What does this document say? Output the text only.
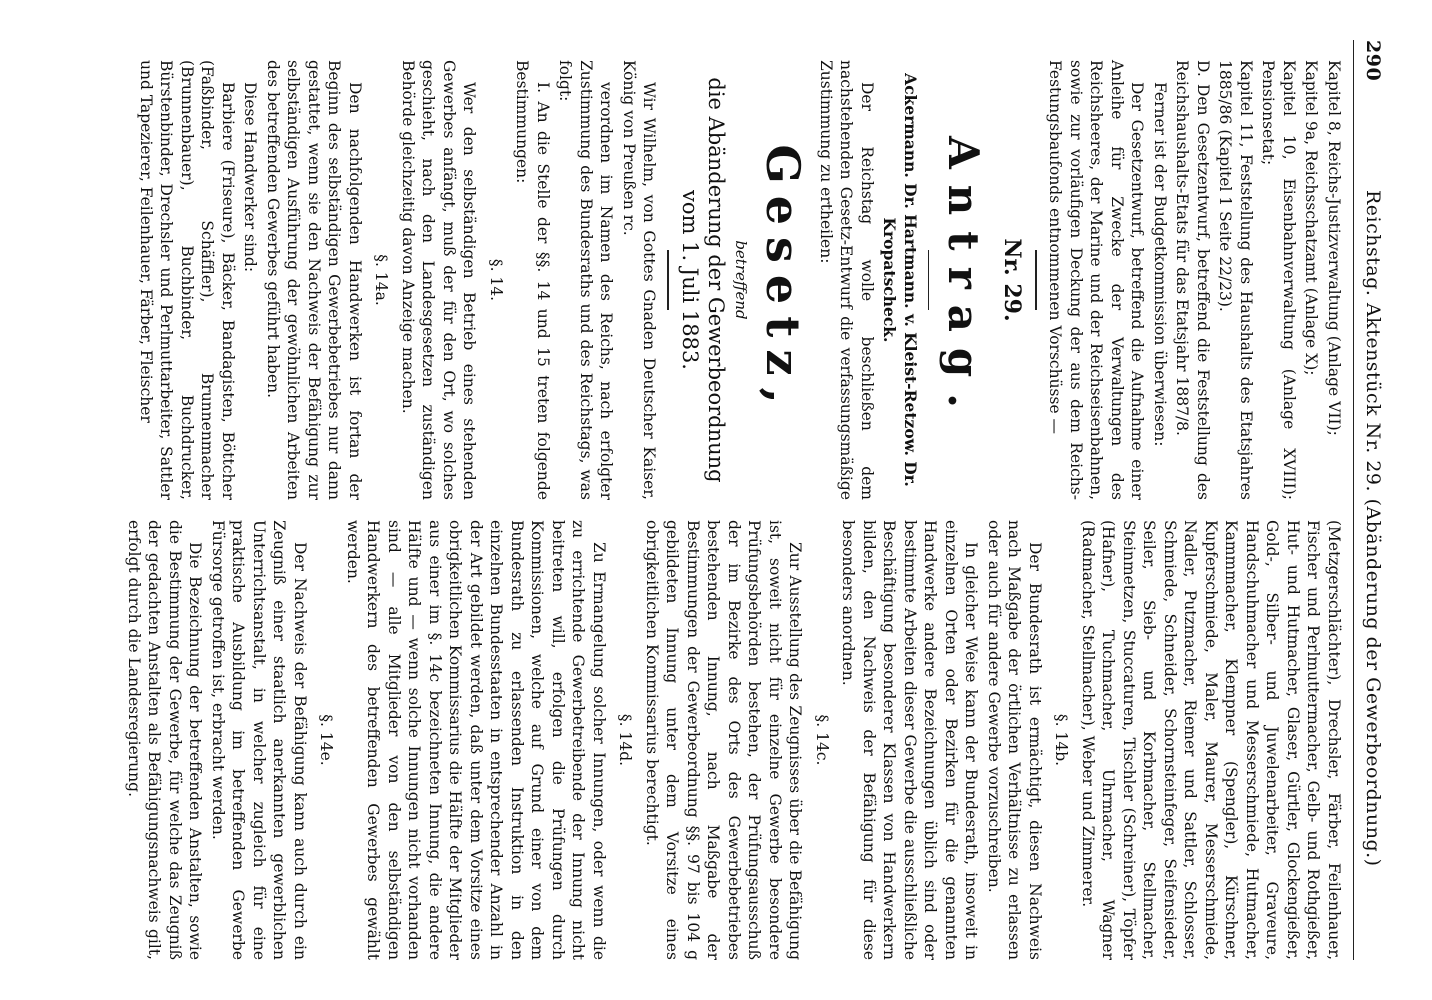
290
Reichstag. Aktenstück Nr. 29. (Abänderung der Gewerbeordnung.)

Kapitel 8, Reichs-Justizverwaltung (Anlage VII);

Kapitel 9a, Reichsschatzamt (Anlage X);

Kapitel 10, Eisenbahnverwaltung (Anlage XVIII); Pensionsetat;

Kapitel 11, Feststellung des Haushalts des Etatsjahres 1885/86 (Kapitel 1 Seite 22/23).

D. Den Gesetzentwurf, betreffend die Feststellung des Reichshaushalts-Etats für das Etatsjahr 1887/8.

Ferner ist der Budgetkommission überwiesen:

Der Gesetzentwurf, betreffend die Aufnahme einer Anleihe für Zwecke der Verwaltungen des Reichsheeres, der Marine und der Reichseisenbahnen, sowie zur vorläufigen Deckung der aus dem Reichs-Festungsbaufonds entnommenen Vorschüsse —

Nr. 29.

Antrag.

Ackermann. Dr. Hartmann. v. Kleist-Retzow. Dr. Kropatscheck.

Der Reichstag wolle beschließen dem nachstehenden Gesetz-Entwurf die verfassungsmäßige Zustimmung zu ertheilen:

Gesetz,

betreffend

die Abänderung der Gewerbeordnung vom 1. Juli 1883.

Wir Wilhelm, von Gottes Gnaden Deutscher Kaiser, König von Preußen rc.

verordnen im Namen des Reichs, nach erfolgter Zustimmung des Bundesraths und des Reichstags, was folgt:

I. An die Stelle der §§. 14 und 15 treten folgende Bestimmungen:

§. 14.

Wer den selbständigen Betrieb eines stehenden Gewerbes anfängt, muß der für den Ort, wo solches geschieht, nach den Landesgesetzen zuständigen Behörde gleichzeitig davon Anzeige machen.

§. 14a.

Den nachfolgenden Handwerken ist fortan der Beginn des selbständigen Gewerbebetriebes nur dann gestattet, wenn sie den Nachweis der Befähigung zur selbständigen Ausführung der gewöhnlichen Arbeiten des betreffenden Gewerbes geführt haben.

Diese Handwerker sind:

Barbiere (Friseure), Bäcker, Bandagisten, Böttcher (Faßbinder, Schäffler), Brunnenmacher (Brunnenbauer), Buchbinder, Buchdrucker, Bürstenbinder, Drechsler und Perlmuttarbeiter, Sattler und Tapezierer, Feilenhauer, Färber, Fleischer

(Metzgerschlächter), Drechsler, Färber, Feilenhauer, Fischer und Perlmuttermacher, Gelb- und Rothgießer, Hut- und Hutmacher, Glaser, Gürtler, Glockengießer, Gold-, Silber- und Juwelenarbeiter, Graveure, Handschuhmacher und Messerschmiede, Hutmacher, Kammmacher, Klempner (Spengler), Kürschner, Kupferschmiede, Maler, Maurer, Messerschmiede, Nadler, Putzmacher, Riemer und Sattler, Schlosser, Schmiede, Schneider, Schornsteinfeger, Seifensieder, Seiler, Sieb- und Korbmacher, Stellmacher, Steinmetzen, Stuccaturen, Tischler (Schreiner), Töpfer (Hafner), Tuchmacher, Uhrmacher, Wagner (Radmacher, Stellmacher), Weber und Zimmerer.

§. 14b.

Der Bundesrath ist ermächtigt, diesen Nachweis nach Maßgabe der örtlichen Verhältnisse zu erlassen oder auch für andere Gewerbe vorzuschreiben.

In gleicher Weise kann der Bundesrath, insoweit in einzelnen Orten oder Bezirken für die genannten Handwerke andere Bezeichnungen üblich sind oder bestimmte Arbeiten dieser Gewerbe die ausschließliche Beschäftigung besonderer Klassen von Handwerkern bilden, den Nachweis der Befähigung für diese besonders anordnen.

§. 14c.

Zur Ausstellung des Zeugnisses über die Befähigung ist, soweit nicht für einzelne Gewerbe besondere Prüfungsbehörden bestehen, der Prüfungsausschuß der im Bezirke des Orts des Gewerbebetriebes bestehenden Innung, nach Maßgabe der Bestimmungen der Gewerbeordnung §§. 97 bis 104 g gebildeten Innung unter dem Vorsitze eines obrigkeitlichen Kommissarius berechtigt.

§. 14d.

Zu Ermangelung solcher Innungen, oder wenn die zu errichtende Gewerbetreibende der Innung nicht beitreten will, erfolgen die Prüfungen durch Kommissionen, welche auf Grund einer von dem Bundesrath zu erlassenden Instruktion in den einzelnen Bundesstaaten in entsprechender Anzahl in der Art gebildet werden, daß unter dem Vorsitze eines obrigkeitlichen Kommissarius die Hälfte der Mitglieder aus einer im §. 14c bezeichneten Innung, die andere Hälfte und — wenn solche Innungen nicht vorhanden sind — alle Mitglieder von den selbständigen Handwerkern des betreffenden Gewerbes gewählt werden.

§. 14e.

Der Nachweis der Befähigung kann auch durch ein Zeugniß einer staatlich anerkannten gewerblichen Unterrichtsanstalt, in welcher zugleich für eine praktische Ausbildung im betreffenden Gewerbe Fürsorge getroffen ist, erbracht werden.

Die Bezeichnung der betreffenden Anstalten, sowie die Bestimmung der Gewerbe, für welche das Zeugniß der gedachten Anstalten als Befähigungsnachweis gilt, erfolgt durch die Landesregierung.
